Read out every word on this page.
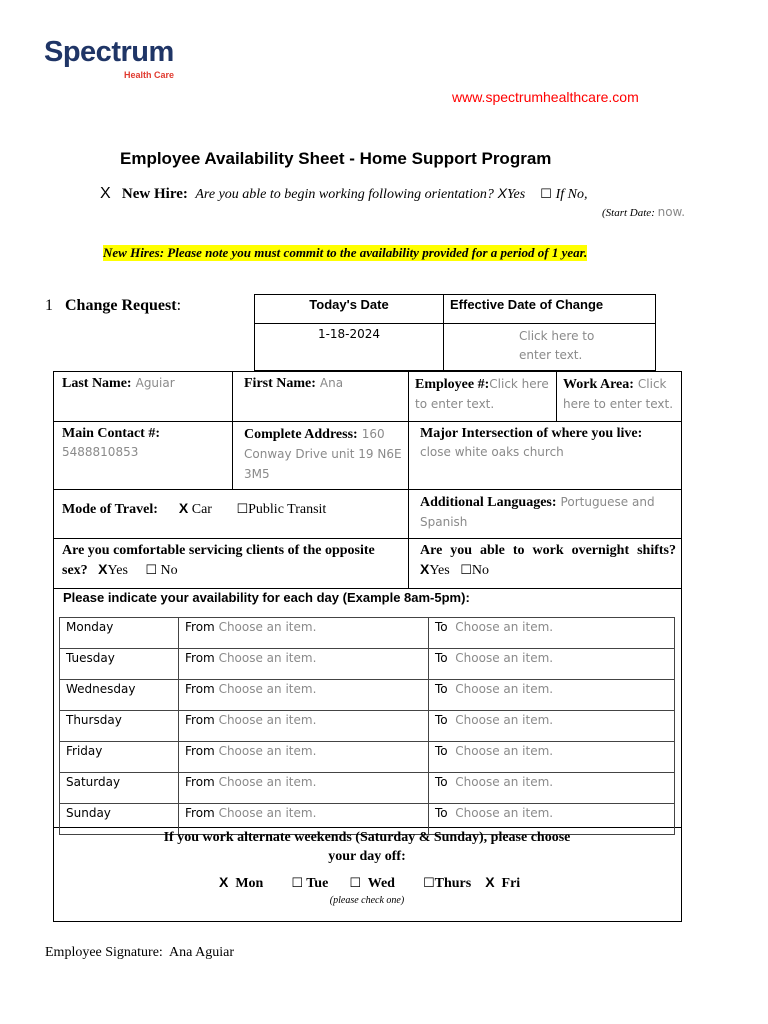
Spectrum
Health Care
www.spectrumhealthcare.com
Employee Availability Sheet - Home Support Program
X New Hire: Are you able to begin working following orientation? XYes ☐ If No,
(Start Date: now.
New Hires: Please note you must commit to the availability provided for a period of 1 year.
1 Change Request:	Today's Date	Effective Date of Change

1-18-2024	Click here to enter text.
Last Name: Aguiar	First Name: Ana	Employee #:Click here to enter text.
Work Area: Click here to enter text.
Main Contact #:
5488810853
Complete Address: 160 Conway Drive unit 19 N6E 3M5
Major Intersection of where you live:
close white oaks church
Mode of Travel: X Car ☐Public Transit	Additional Languages: Portuguese and Spanish
Are you comfortable servicing clients of the opposite sex? XYes ☐ No
Are you able to work overnight shifts?
XYes ☐No
Please indicate your availability for each day (Example 8am-5pm):
Monday	From Choose an item.	To Choose an item.
Tuesday	From Choose an item.	To Choose an item.
Wednesday	From Choose an item.	To Choose an item.
Thursday	From Choose an item.	To Choose an item.
Friday	From Choose an item.	To Choose an item.
Saturday	From Choose an item.	To Choose an item.
Sunday	From Choose an item.	To Choose an item.
If you work alternate weekends (Saturday & Sunday), please choose
your day off:
X Mon ☐ Tue ☐ Wed ☐Thurs X Fri
(please check one)
Employee Signature: Ana Aguiar
